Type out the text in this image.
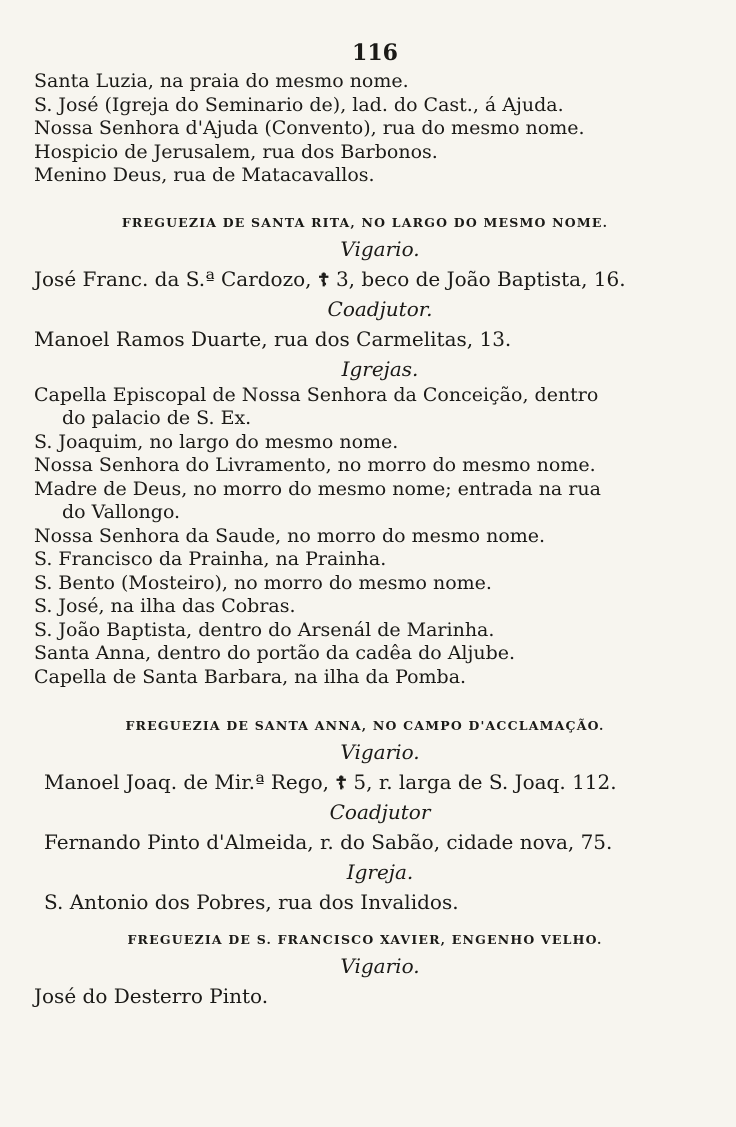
116
Santa Luzia, na praia do mesmo nome.
S. José (Igreja do Seminario de), lad. do Cast., á Ajuda.
Nossa Senhora d'Ajuda (Convento), rua do mesmo nome.
Hospicio de Jerusalem, rua dos Barbonos.
Menino Deus, rua de Matacavallos.
FREGUEZIA DE SANTA RITA, NO LARGO DO MESMO NOME.
Vigario.
José Franc. da S.ª Cardozo, ☦ 3, beco de João Baptista, 16.
Coadjutor.
Manoel Ramos Duarte, rua dos Carmelitas, 13.
Igrejas.
Capella Episcopal de Nossa Senhora da Conceição, dentro
do palacio de S. Ex.
S. Joaquim, no largo do mesmo nome.
Nossa Senhora do Livramento, no morro do mesmo nome.
Madre de Deus, no morro do mesmo nome; entrada na rua
do Vallongo.
Nossa Senhora da Saude, no morro do mesmo nome.
S. Francisco da Prainha, na Prainha.
S. Bento (Mosteiro), no morro do mesmo nome.
S. José, na ilha das Cobras.
S. João Baptista, dentro do Arsenál de Marinha.
Santa Anna, dentro do portão da cadêa do Aljube.
Capella de Santa Barbara, na ilha da Pomba.
FREGUEZIA DE SANTA ANNA, NO CAMPO D'ACCLAMAÇÃO.
Vigario.
Manoel Joaq. de Mir.ª Rego, ☦ 5, r. larga de S. Joaq. 112.
Coadjutor
Fernando Pinto d'Almeida, r. do Sabão, cidade nova, 75.
Igreja.
S. Antonio dos Pobres, rua dos Invalidos.
FREGUEZIA DE S. FRANCISCO XAVIER, ENGENHO VELHO.
Vigario.
José do Desterro Pinto.
